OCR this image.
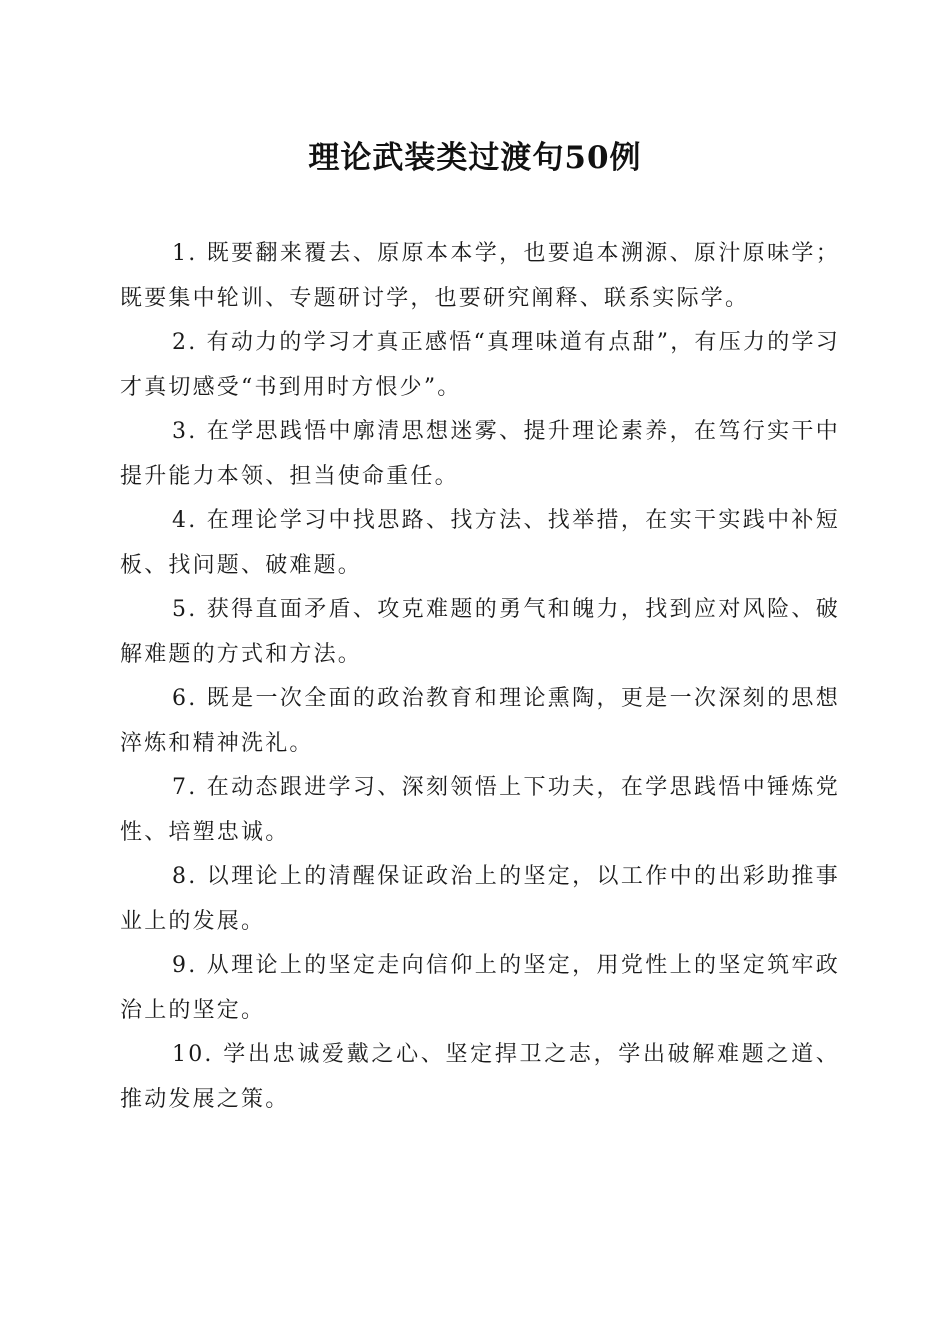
理论武装类过渡句50例

1. 既要翻来覆去、原原本本学，也要追本溯源、原汁原味学；既要集中轮训、专题研讨学，也要研究阐释、联系实际学。

2. 有动力的学习才真正感悟“真理味道有点甜”，有压力的学习才真切感受“书到用时方恨少”。

3. 在学思践悟中廓清思想迷雾、提升理论素养，在笃行实干中提升能力本领、担当使命重任。

4. 在理论学习中找思路、找方法、找举措，在实干实践中补短板、找问题、破难题。

5. 获得直面矛盾、攻克难题的勇气和魄力，找到应对风险、破解难题的方式和方法。

6. 既是一次全面的政治教育和理论熏陶，更是一次深刻的思想淬炼和精神洗礼。

7. 在动态跟进学习、深刻领悟上下功夫，在学思践悟中锤炼党性、培塑忠诚。

8. 以理论上的清醒保证政治上的坚定，以工作中的出彩助推事业上的发展。

9. 从理论上的坚定走向信仰上的坚定，用党性上的坚定筑牢政治上的坚定。

10. 学出忠诚爱戴之心、坚定捍卫之志，学出破解难题之道、推动发展之策。
